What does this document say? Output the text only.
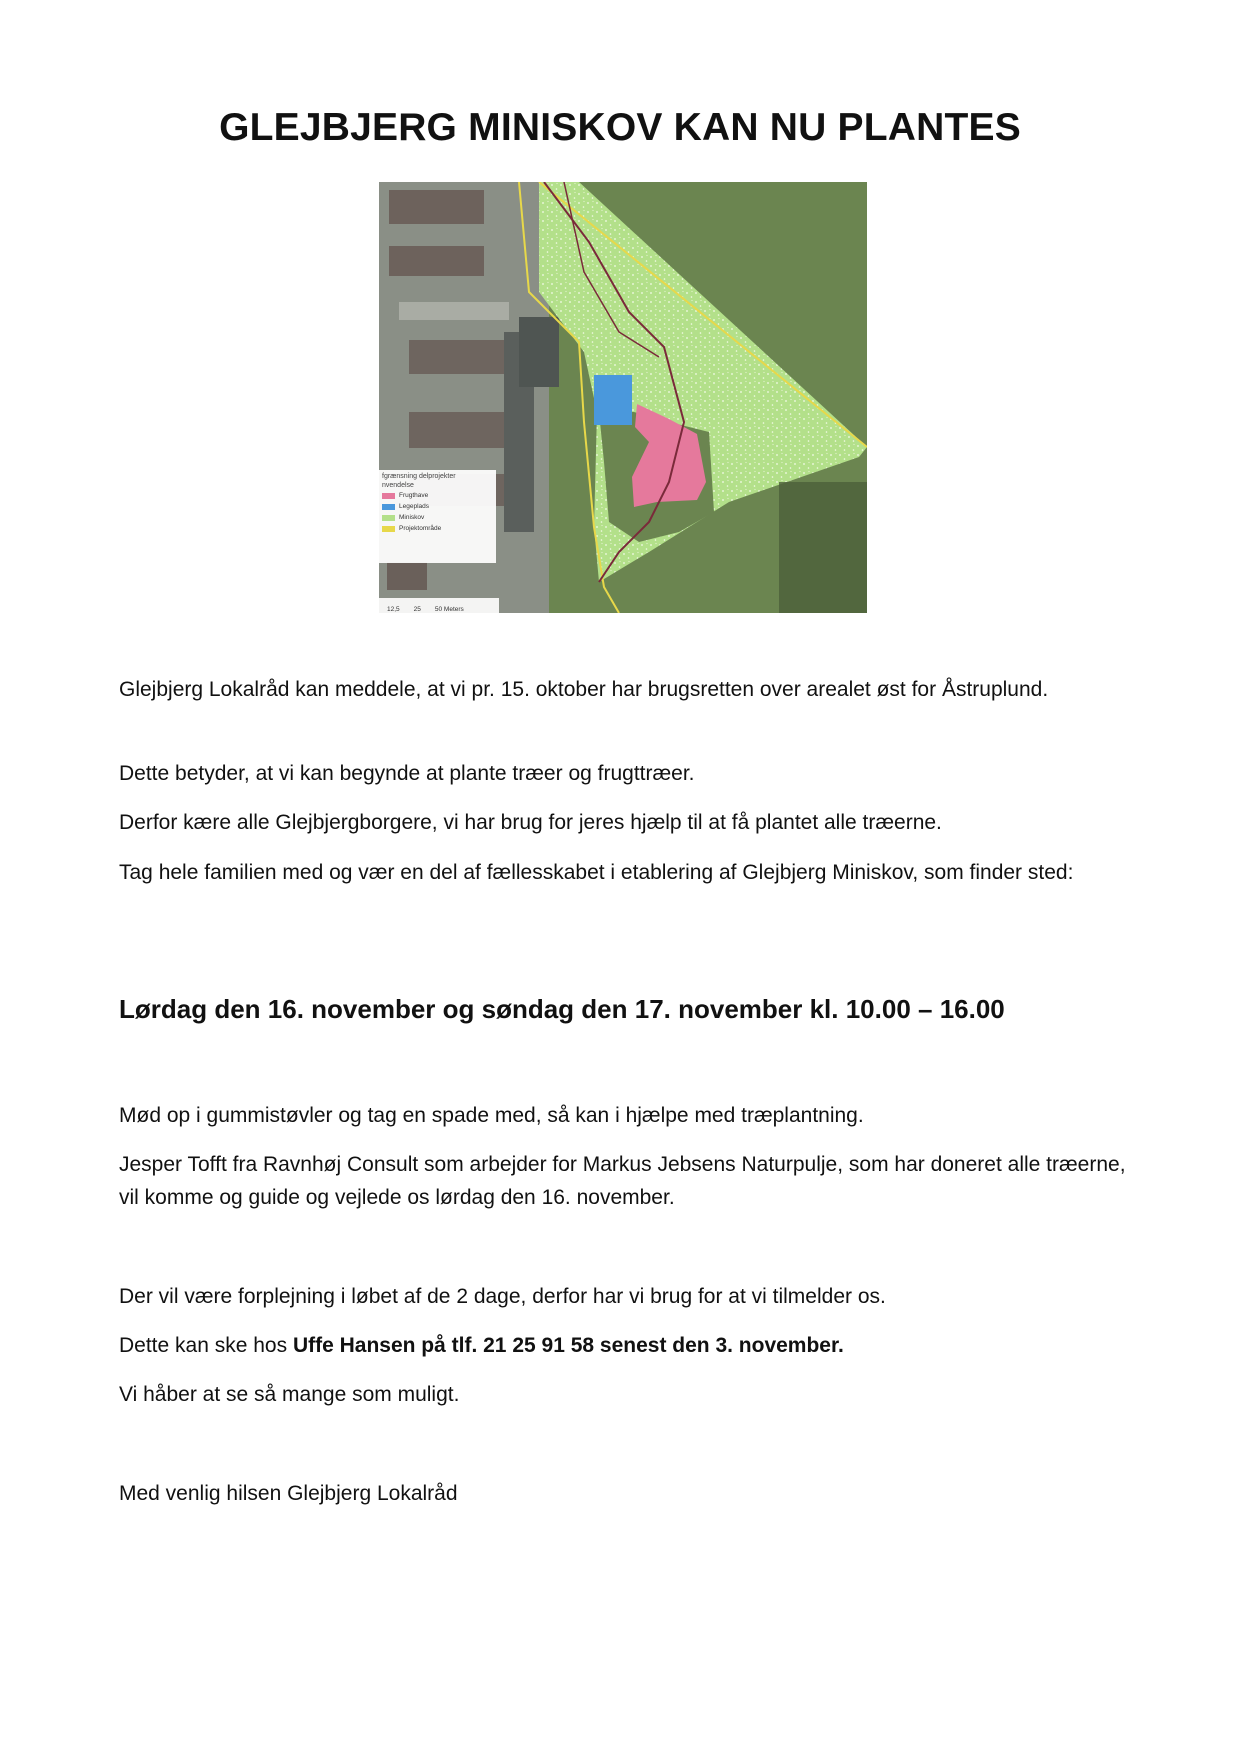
GLEJBJERG MINISKOV KAN NU PLANTES
fgrænsning delprojekter
nvendelse
Frugthave
Legeplads
Miniskov
Projektområde
12,5 25 50 Meters

Glejbjerg Lokalråd kan meddele, at vi pr. 15. oktober har brugsretten over arealet øst for Åstruplund.

Dette betyder, at vi kan begynde at plante træer og frugttræer.

Derfor kære alle Glejbjergborgere, vi har brug for jeres hjælp til at få plantet alle træerne.

Tag hele familien med og vær en del af fællesskabet i etablering af Glejbjerg Miniskov, som finder sted:

Lørdag den 16. november og søndag den 17. november kl. 10.00 – 16.00

Mød op i gummistøvler og tag en spade med, så kan i hjælpe med træplantning.

Jesper Tofft fra Ravnhøj Consult som arbejder for Markus Jebsens Naturpulje, som har doneret alle træerne, vil komme og guide og vejlede os lørdag den 16. november.

Der vil være forplejning i løbet af de 2 dage, derfor har vi brug for at vi tilmelder os.

Dette kan ske hos Uffe Hansen på tlf. 21 25 91 58 senest den 3. november.

Vi håber at se så mange som muligt.

Med venlig hilsen Glejbjerg Lokalråd
